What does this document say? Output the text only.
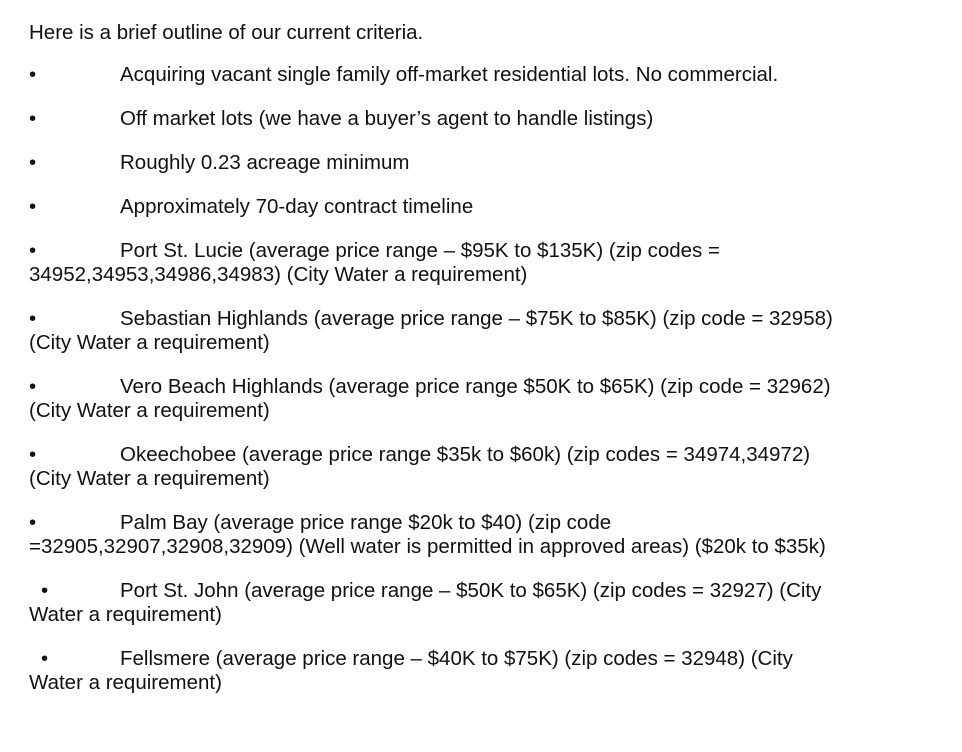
Here is a brief outline of our current criteria.
•	Acquiring vacant single family off-market residential lots. No commercial.
•	Off market lots (we have a buyer’s agent to handle listings)
•	Roughly 0.23 acreage minimum
•	Approximately 70-day contract timeline
•	Port St. Lucie (average price range – $95K to $135K) (zip codes =
34952,34953,34986,34983) (City Water a requirement)
•	Sebastian Highlands (average price range – $75K to $85K) (zip code = 32958)
(City Water a requirement)
•	Vero Beach Highlands (average price range $50K to $65K) (zip code = 32962)
(City Water a requirement)
•	Okeechobee (average price range $35k to $60k) (zip codes = 34974,34972)
(City Water a requirement)
•	Palm Bay (average price range $20k to $40) (zip code
=32905,32907,32908,32909) (Well water is permitted in approved areas) ($20k to $35k)
•	Port St. John (average price range – $50K to $65K) (zip codes = 32927) (City
Water a requirement)
•	Fellsmere (average price range – $40K to $75K) (zip codes = 32948) (City
Water a requirement)
